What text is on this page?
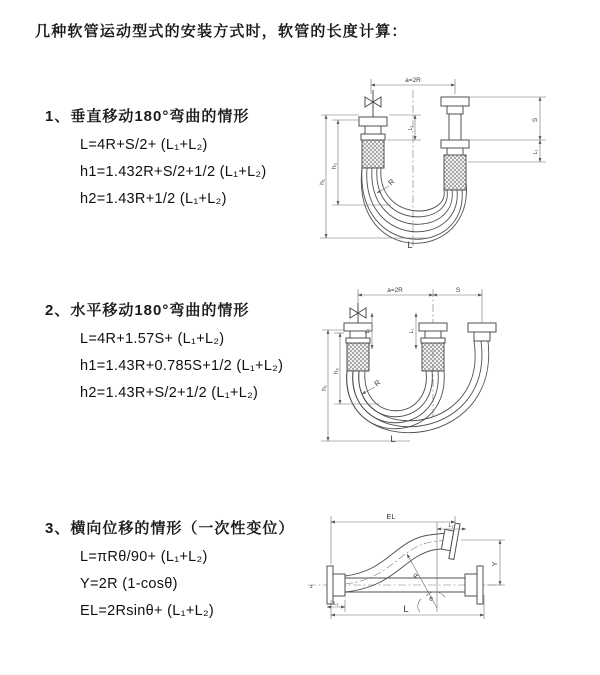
几种软管运动型式的安装方式时，软管的长度计算：
1、垂直移动180°弯曲的情形
L=4R+S/2+ (L₁+L₂)
h1=1.432R+S/2+1/2 (L₁+L₂)
h2=1.43R+1/2 (L₁+L₂)
2、水平移动180°弯曲的情形
L=4R+1.57S+ (L₁+L₂)
h1=1.43R+0.785S+1/2 (L₁+L₂)
h2=1.43R+S/2+1/2 (L₁+L₂)
3、横向位移的情形（一次性变位）
L=πRθ/90+ (L₁+L₂)
Y=2R (1-cosθ)
EL=2Rsinθ+ (L₁+L₂)
a=2R
h₁
h₂
L₁
S
L₁
R
L
a=2R	S
L₁	L₁
h₁
h₂
R
L
z
EL
L₁
Y
R
θ
L
L₂
